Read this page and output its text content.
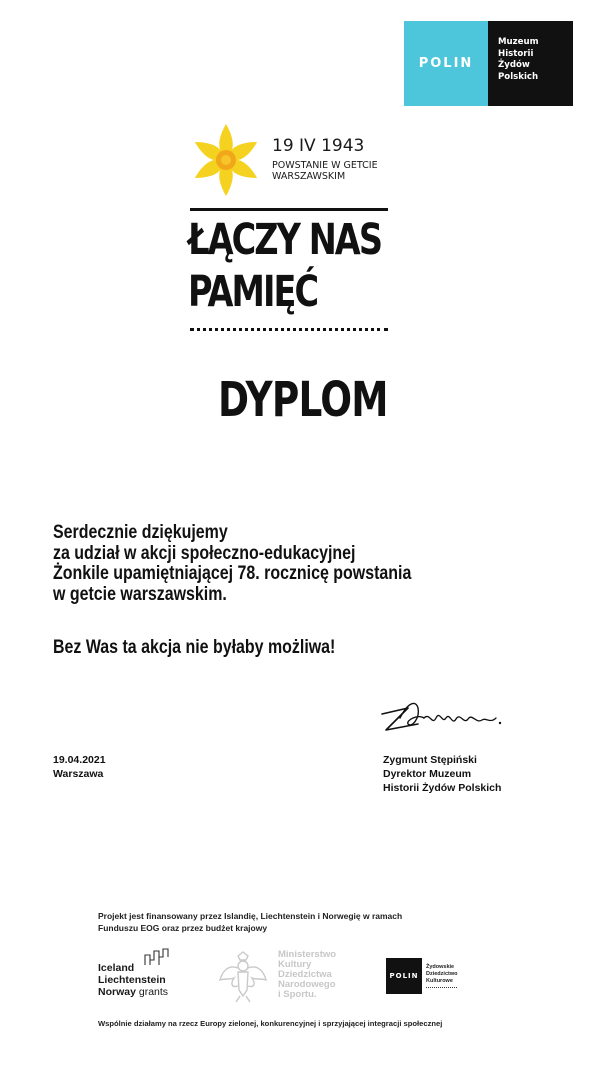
POLIN
Muzeum
Historii
Żydów
Polskich
19 IV 1943
POWSTANIE W GETCIE
WARSZAWSKIM
ŁĄCZY NAS
PAMIĘĆ
DYPLOM
Serdecznie dziękujemy
za udział w akcji społeczno-edukacyjnej
Żonkile upamiętniającej 78. rocznicę powstania
w getcie warszawskim.
Bez Was ta akcja nie byłaby możliwa!
19.04.2021
Warszawa
Zygmunt Stępiński
Dyrektor Muzeum
Historii Żydów Polskich
Projekt jest finansowany przez Islandię, Liechtenstein i Norwegię w ramach
Funduszu EOG oraz przez budżet krajowy
Iceland
Liechtenstein
Norway grants
Ministerstwo
Kultury
Dziedzictwa
Narodowego
i Sportu.
POLIN
Żydowskie
Dziedzictwo
Kulturowe
Wspólnie działamy na rzecz Europy zielonej, konkurencyjnej i sprzyjającej integracji społecznej
